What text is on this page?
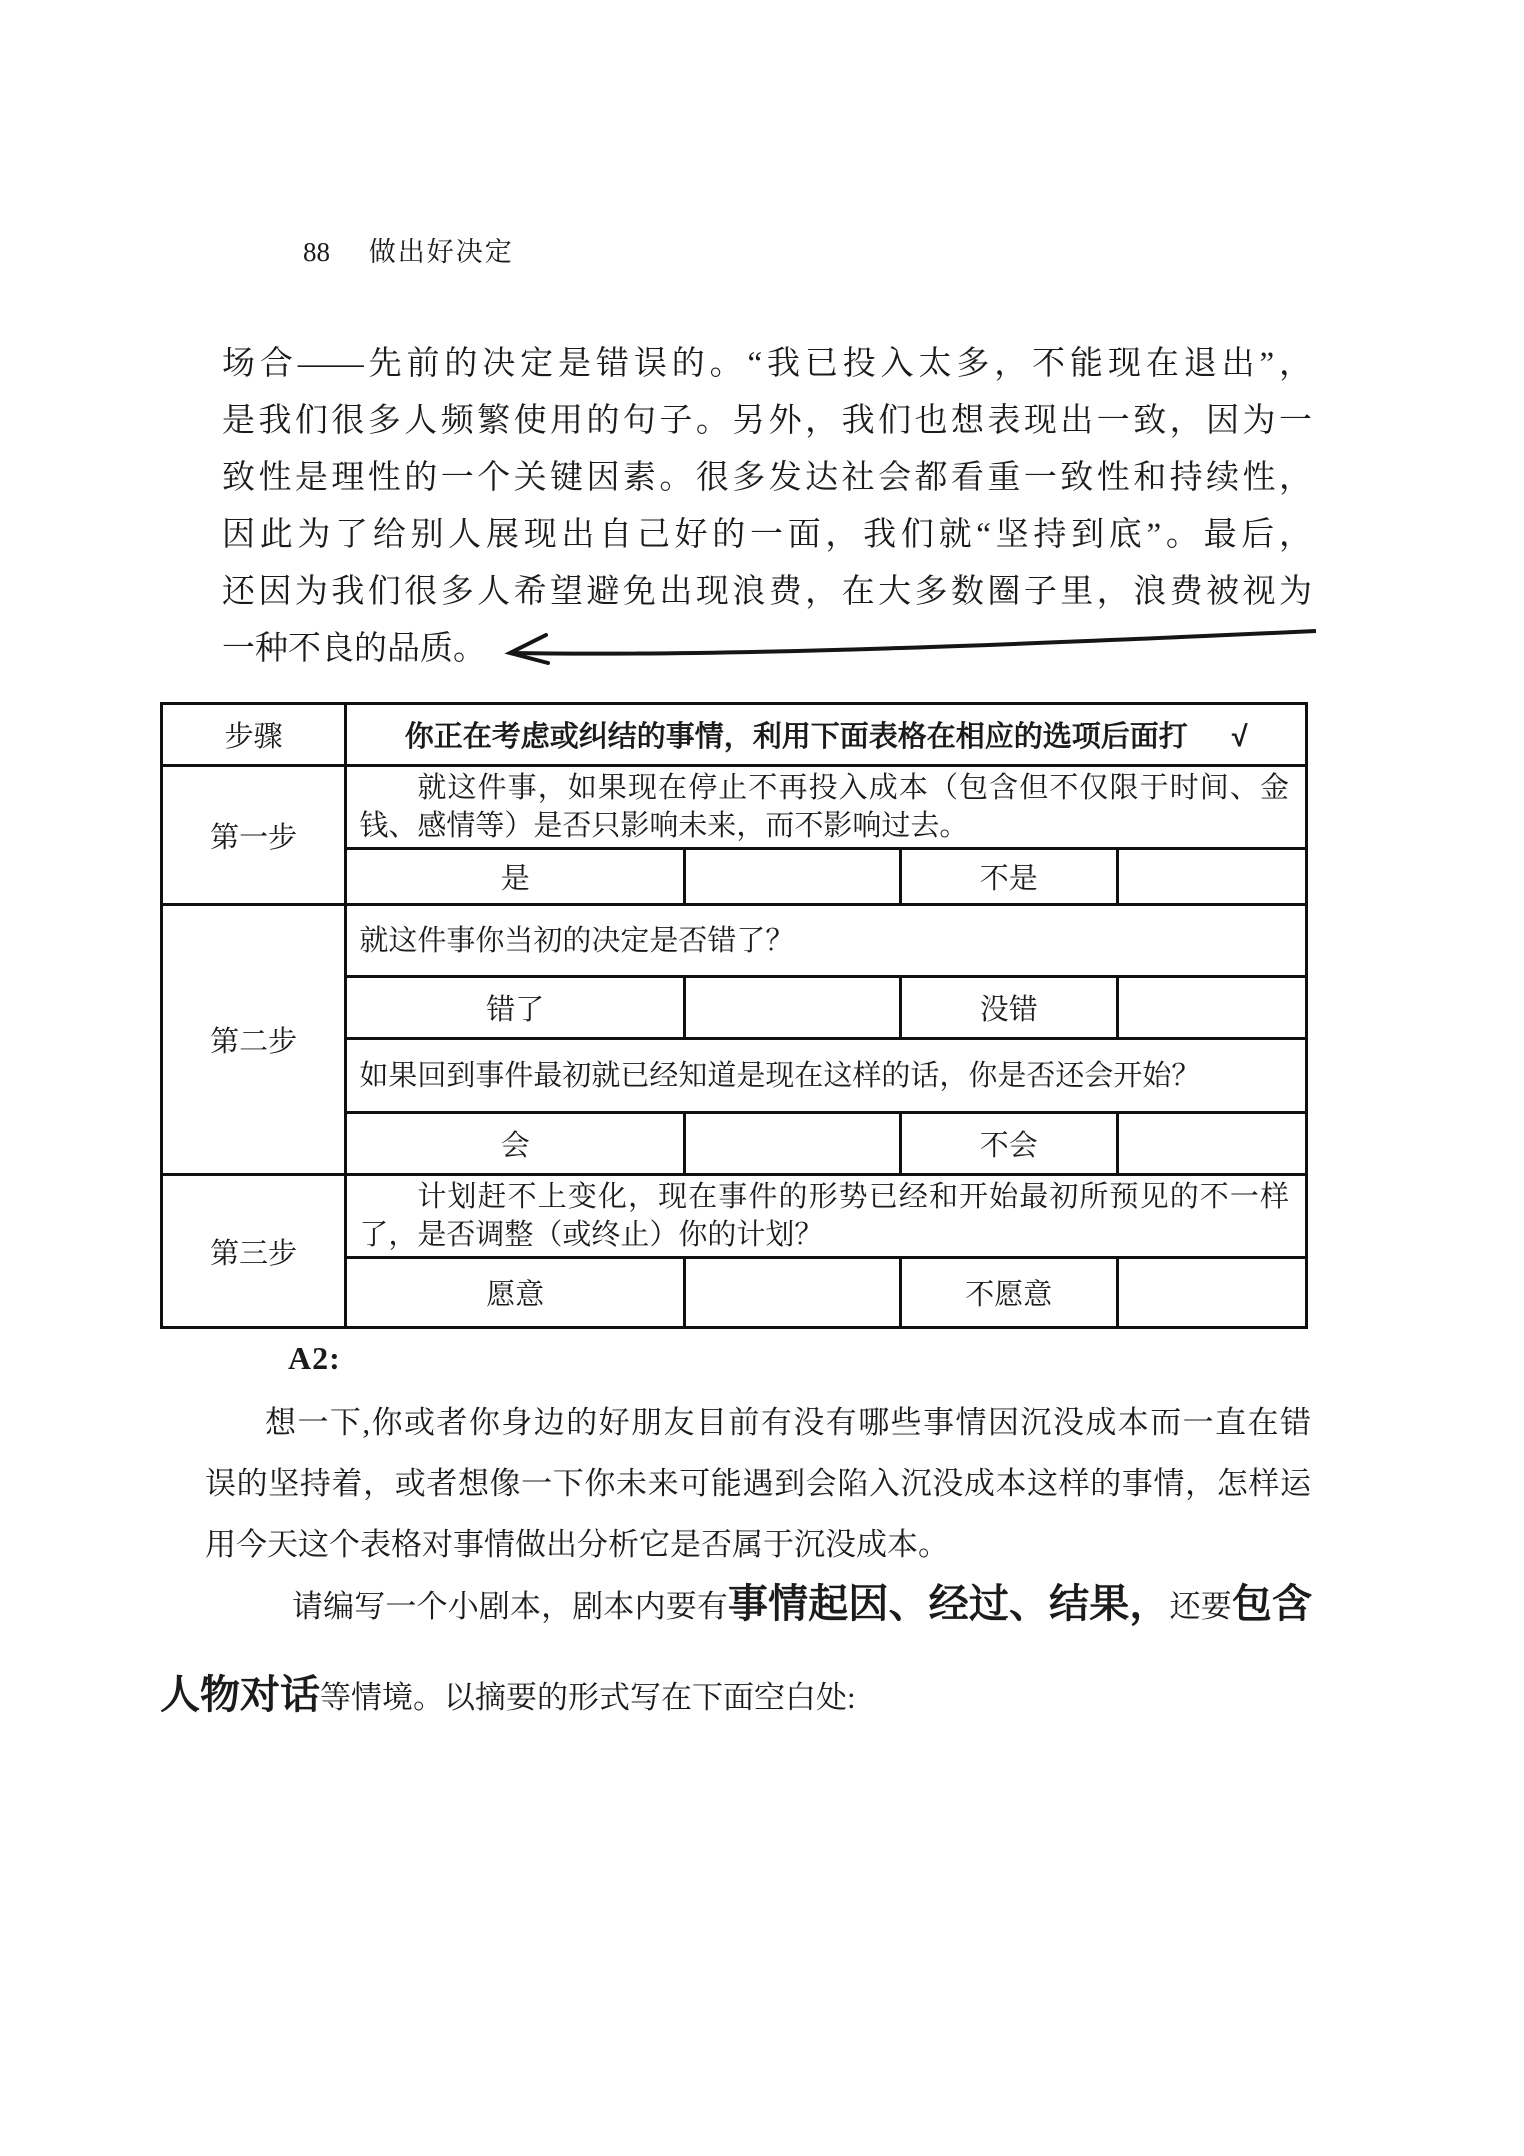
88 做出好决定
场合——先前的决定是错误的。“我已投入太多，不能现在退出”，
是我们很多人频繁使用的句子。另外，我们也想表现出一致，因为一
致性是理性的一个关键因素。很多发达社会都看重一致性和持续性，
因此为了给别人展现出自己好的一面，我们就“坚持到底”。最后，
还因为我们很多人希望避免出现浪费，在大多数圈子里，浪费被视为
一种不良的品质。
步骤	你正在考虑或纠结的事情，利用下面表格在相应的选项后面打 √			
第一步	就这件事，如果现在停止不再投入成本（包含但不仅限于时间、金钱、感情等）是否只影响未来，而不影响过去。			
	是		不是	
第二步	就这件事你当初的决定是否错了？			
	错了		没错	
	如果回到事件最初就已经知道是现在这样的话，你是否还会开始？			
	会		不会	
第三步	计划赶不上变化，现在事件的形势已经和开始最初所预见的不一样了，是否调整（或终止）你的计划？			
	愿意		不愿意	
A2:
想一下,你或者你身边的好朋友目前有没有哪些事情因沉没成本而一直在错
误的坚持着，或者想像一下你未来可能遇到会陷入沉没成本这样的事情，怎样运
用今天这个表格对事情做出分析它是否属于沉没成本。
请编写一个小剧本，剧本内要有事情起因、经过、结果，还要包含
人物对话等情境。以摘要的形式写在下面空白处:
